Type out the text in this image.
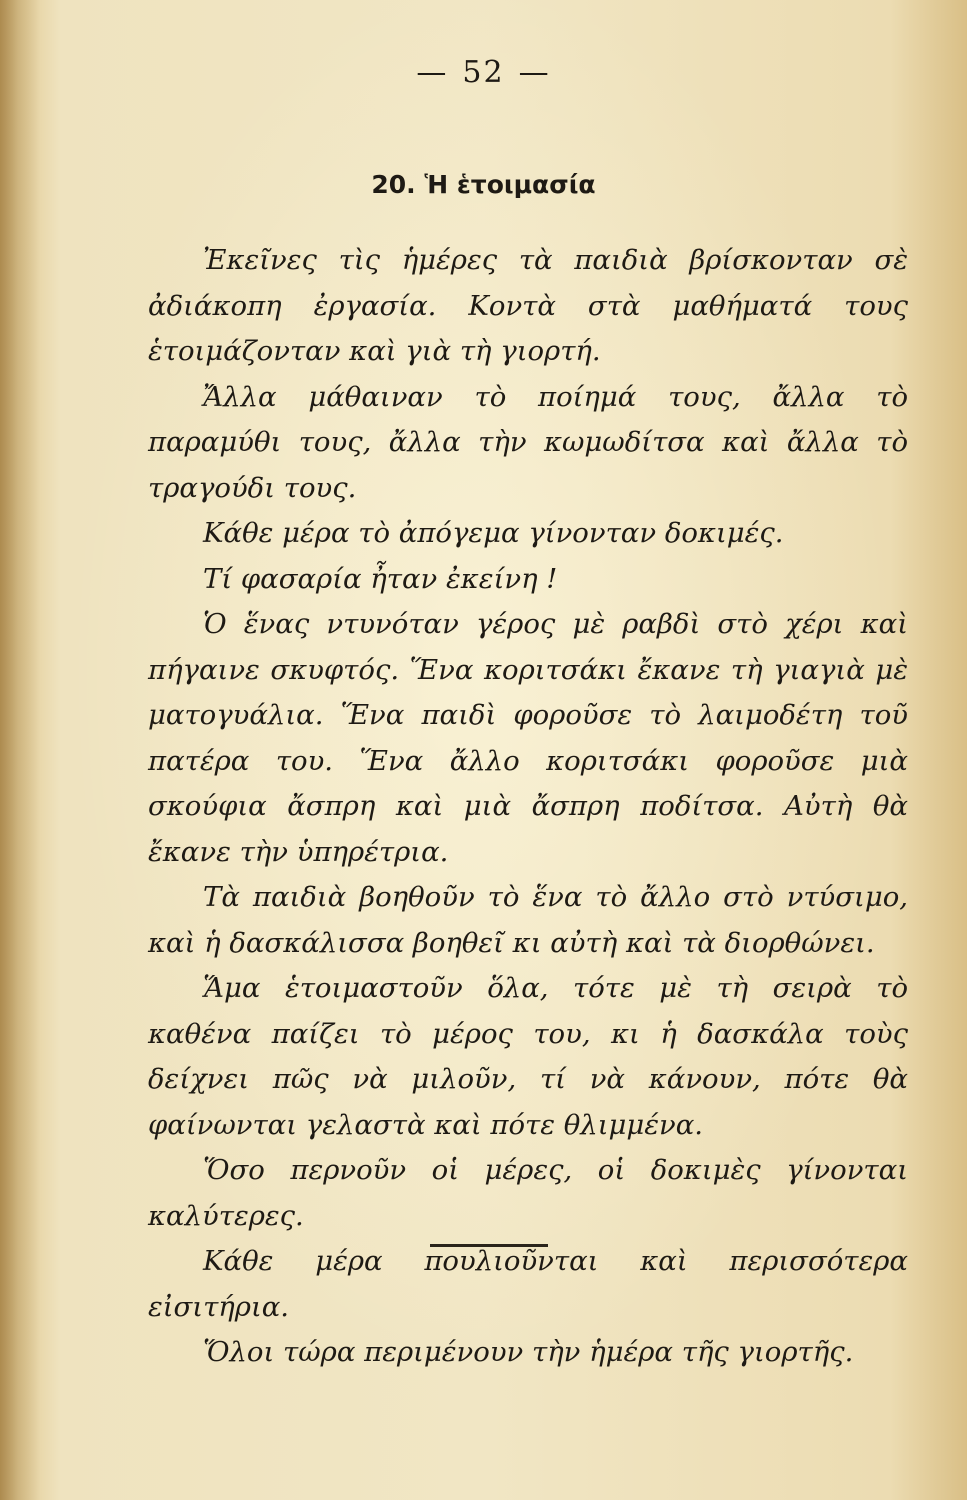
— 52 —
20. Ἡ ἑτοιμασία

Ἐκεῖνες τὶς ἡμέρες τὰ παιδιὰ βρίσκονταν σὲ ἀδιάκοπη ἐργασία. Κοντὰ στὰ μαθήματά τους ἑτοιμάζονταν καὶ γιὰ τὴ γιορτή.

Ἄλλα μάθαιναν τὸ ποίημά τους, ἄλλα τὸ παραμύθι τους, ἄλλα τὴν κωμωδίτσα καὶ ἄλλα τὸ τραγούδι τους.

Κάθε μέρα τὸ ἀπόγεμα γίνονταν δοκιμές.

Τί φασαρία ἦταν ἐκείνη !

Ὁ ἕνας ντυνόταν γέρος μὲ ραβδὶ στὸ χέρι καὶ πήγαινε σκυφτός. Ἕνα κοριτσάκι ἔκανε τὴ γιαγιὰ μὲ ματογυάλια. Ἕνα παιδὶ φοροῦσε τὸ λαιμοδέτη τοῦ πατέρα του. Ἕνα ἄλλο κοριτσάκι φοροῦσε μιὰ σκούφια ἄσπρη καὶ μιὰ ἄσπρη ποδίτσα. Αὐτὴ θὰ ἔκανε τὴν ὑπηρέτρια.

Τὰ παιδιὰ βοηθοῦν τὸ ἕνα τὸ ἄλλο στὸ ντύσιμο, καὶ ἡ δασκάλισσα βοηθεῖ κι αὐτὴ καὶ τὰ διορθώνει.

Ἅμα ἑτοιμαστοῦν ὅλα, τότε μὲ τὴ σειρὰ τὸ καθένα παίζει τὸ μέρος του, κι ἡ δασκάλα τοὺς δείχνει πῶς νὰ μιλοῦν, τί νὰ κάνουν, πότε θὰ φαίνωνται γελαστὰ καὶ πότε θλιμμένα.

Ὅσο περνοῦν οἱ μέρες, οἱ δοκιμὲς γίνονται καλύτερες.

Κάθε μέρα πουλιοῦνται καὶ περισσότερα εἰσιτήρια.

Ὅλοι τώρα περιμένουν τὴν ἡμέρα τῆς γιορτῆς.
